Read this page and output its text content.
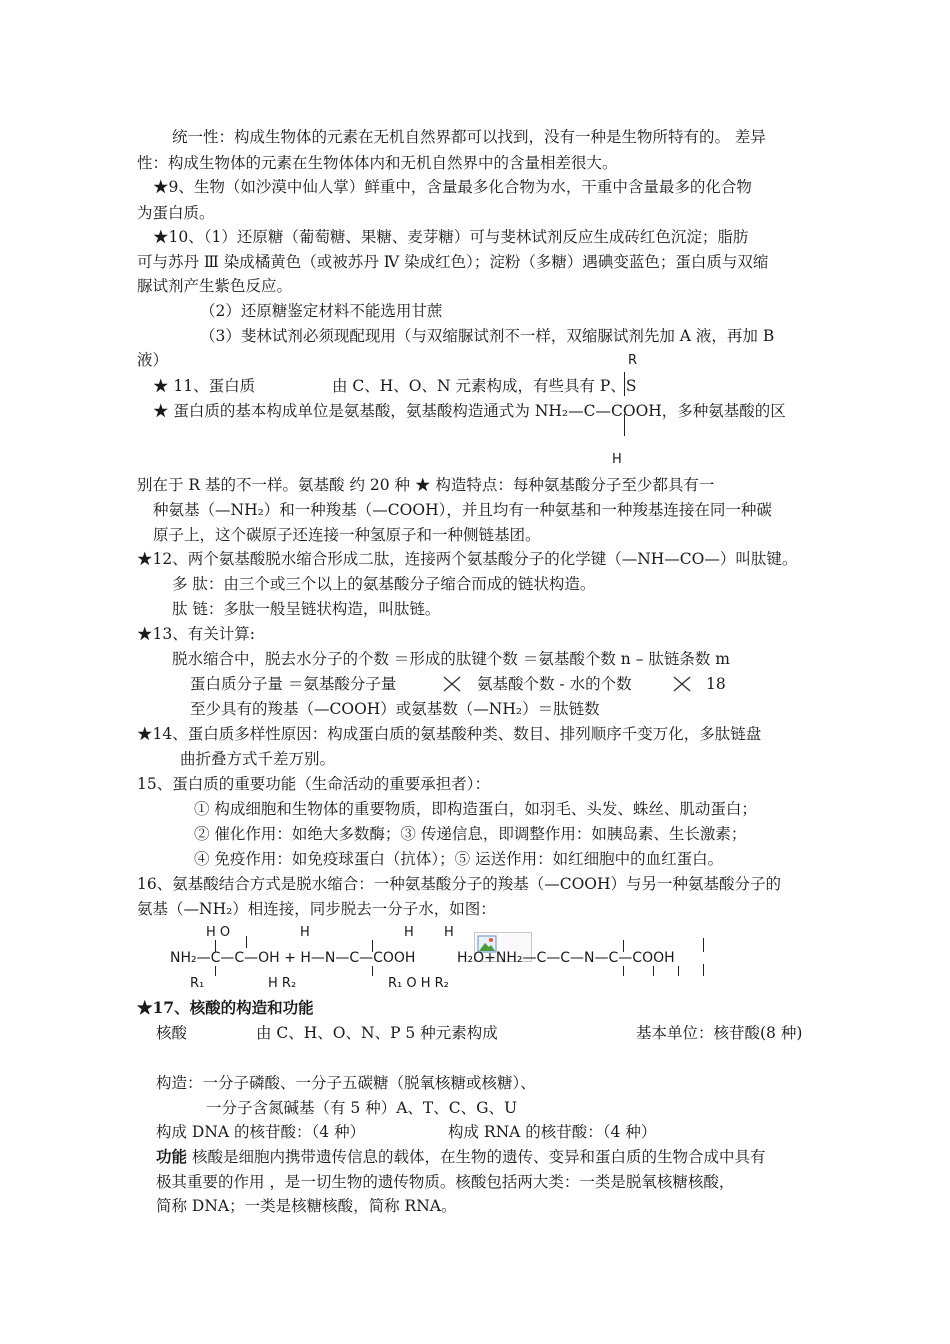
统一性：构成生物体的元素在无机自然界都可以找到，没有一种是生物所特有的。 差异
性：构成生物体的元素在生物体体内和无机自然界中的含量相差很大。
★9、生物（如沙漠中仙人掌）鲜重中，含量最多化合物为水，干重中含量最多的化合物
为蛋白质。
★10、（1）还原糖（葡萄糖、果糖、麦芽糖）可与斐林试剂反应生成砖红色沉淀；脂肪
可与苏丹 Ⅲ 染成橘黄色（或被苏丹 Ⅳ 染成红色）；淀粉（多糖）遇碘变蓝色；蛋白质与双缩
脲试剂产生紫色反应。
（2）还原糖鉴定材料不能选用甘蔗
（3）斐林试剂必须现配现用（与双缩脲试剂不一样，双缩脲试剂先加 A 液，再加 B
液）	R
H
★ 11、蛋白质	由 C、H、O、N 元素构成，有些具有 P、S
★ 蛋白质的基本构成单位是氨基酸，氨基酸构造通式为 NH₂—C—COOH，多种氨基酸的区
别在于 R 基的不一样。氨基酸 约 20 种 ★ 构造特点：每种氨基酸分子至少都具有一
种氨基（—NH₂）和一种羧基（—COOH），并且均有一种氨基和一种羧基连接在同一种碳
原子上，这个碳原子还连接一种氢原子和一种侧链基团。
★12、两个氨基酸脱水缩合形成二肽，连接两个氨基酸分子的化学键（—NH—CO—）叫肽键。
多 肽：由三个或三个以上的氨基酸分子缩合而成的链状构造。
肽 链：多肽一般呈链状构造，叫肽链。
★13、有关计算:
脱水缩合中，脱去水分子的个数 ＝形成的肽键个数 ＝氨基酸个数 n – 肽链条数 m
蛋白质分子量 ＝氨基酸分子量	氨基酸个数 - 水的个数	18
至少具有的羧基（—COOH）或氨基数（—NH₂）＝肽链数
★14、蛋白质多样性原因：构成蛋白质的氨基酸种类、数目、排列顺序千变万化，多肽链盘
曲折叠方式千差万别。
15、蛋白质的重要功能（生命活动的重要承担者）：
① 构成细胞和生物体的重要物质，即构造蛋白，如羽毛、头发、蛛丝、肌动蛋白；
② 催化作用：如绝大多数酶；③ 传递信息，即调整作用：如胰岛素、生长激素；
④ 免疫作用：如免疫球蛋白（抗体）；⑤ 运送作用：如红细胞中的血红蛋白。
16、氨基酸结合方式是脱水缩合：一种氨基酸分子的羧基（—COOH）与另一种氨基酸分子的
氨基（—NH₂）相连接，同步脱去一分子水，如图：
H O	H	H H
NH₂—C—C—OH + H—N—C—COOH	H₂O+NH₂—C—C—N—C—COOH
R₁	H R₂	R₁ O H R₂
★17、核酸的构造和功能
核酸	由 C、H、O、N、P 5 种元素构成	基本单位：核苷酸(8 种)
构造：一分子磷酸、一分子五碳糖（脱氧核糖或核糖）、
一分子含氮碱基（有 5 种）A、T、C、G、U
构成 DNA 的核苷酸：（4 种）	构成 RNA 的核苷酸：（4 种）
功能 核酸是细胞内携带遗传信息的载体，在生物的遗传、变异和蛋白质的生物合成中具有
极其重要的作用 ，是一切生物的遗传物质。核酸包括两大类：一类是脱氧核糖核酸，
简称 DNA；一类是核糖核酸，简称 RNA。
